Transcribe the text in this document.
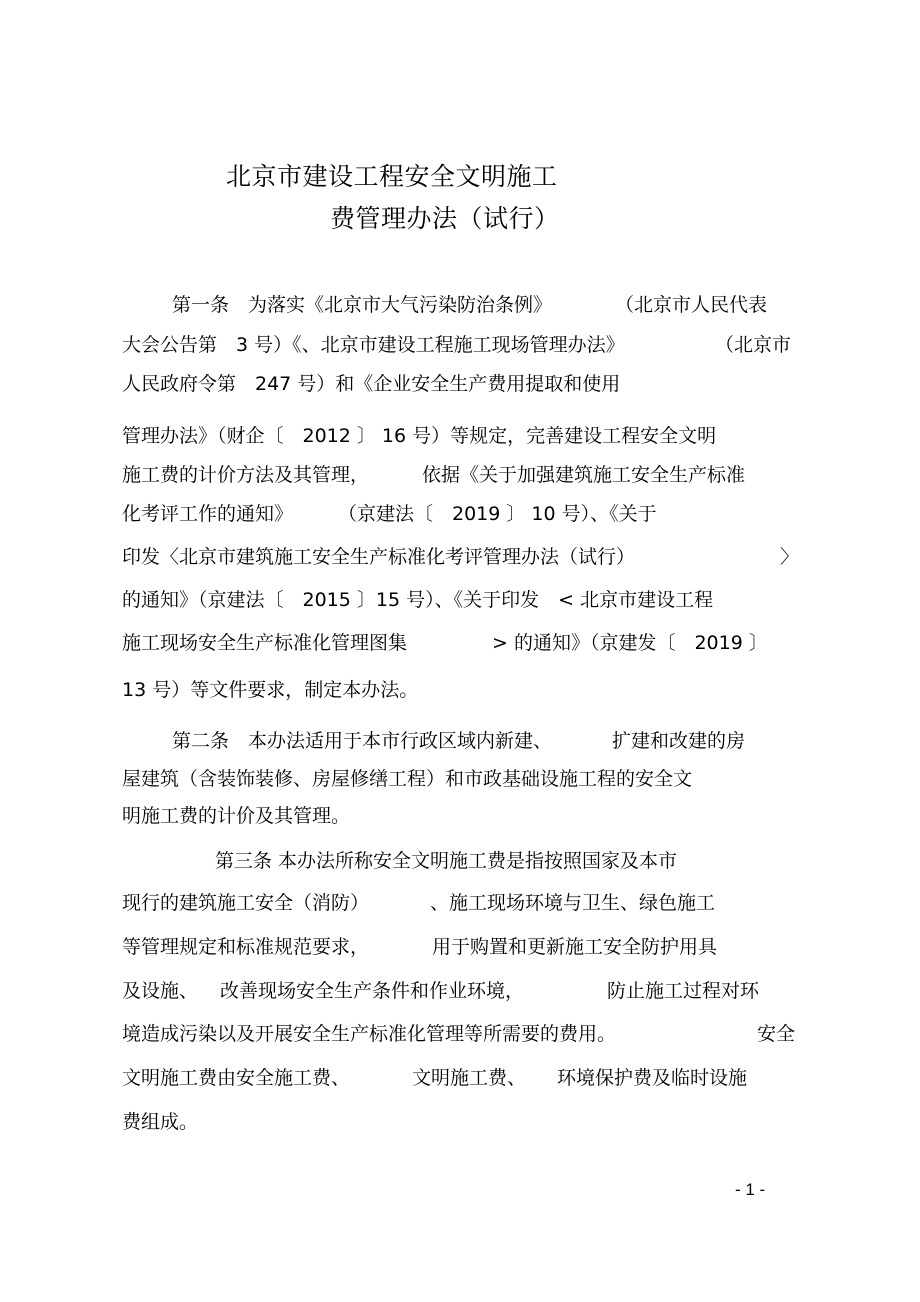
北京市建设工程安全文明施工
费管理办法（试行）
第一条　为落实《北京市大气污染防治条例》	（北京市人民代表
大会公告第　3 号）《、北京市建设工程施工现场管理办法》	（北京市
人民政府令第　247 号）和《企业安全生产费用提取和使用
管理办法》（财企〔　2012 〕 16 号）等规定，完善建设工程安全文明
施工费的计价方法及其管理，	依据《关于加强建筑施工安全生产标准
化考评工作的通知》 （京建法〔　2019 〕 10 号）、《关于
印发〈北京市建筑施工安全生产标准化考评管理办法（试行）	〉
的通知》（京建法〔　2015 〕15 号）、《关于印发　< 北京市建设工程
施工现场安全生产标准化管理图集	> 的通知》（京建发〔　2019 〕
13 号）等文件要求，制定本办法。
第二条　本办法适用于本市行政区域内新建、	扩建和改建的房
屋建筑（含装饰装修、房屋修缮工程）和市政基础设施工程的安全文
明施工费的计价及其管理。
第三条 本办法所称安全文明施工费是指按照国家及本市
现行的建筑施工安全（消防）	、施工现场环境与卫生、绿色施工
等管理规定和标准规范要求，	用于购置和更新施工安全防护用具
及设施、 改善现场安全生产条件和作业环境，	防止施工过程对环
境造成污染以及开展安全生产标准化管理等所需要的费用。	安全
文明施工费由安全施工费、	文明施工费、 环境保护费及临时设施
费组成。
- 1 -
